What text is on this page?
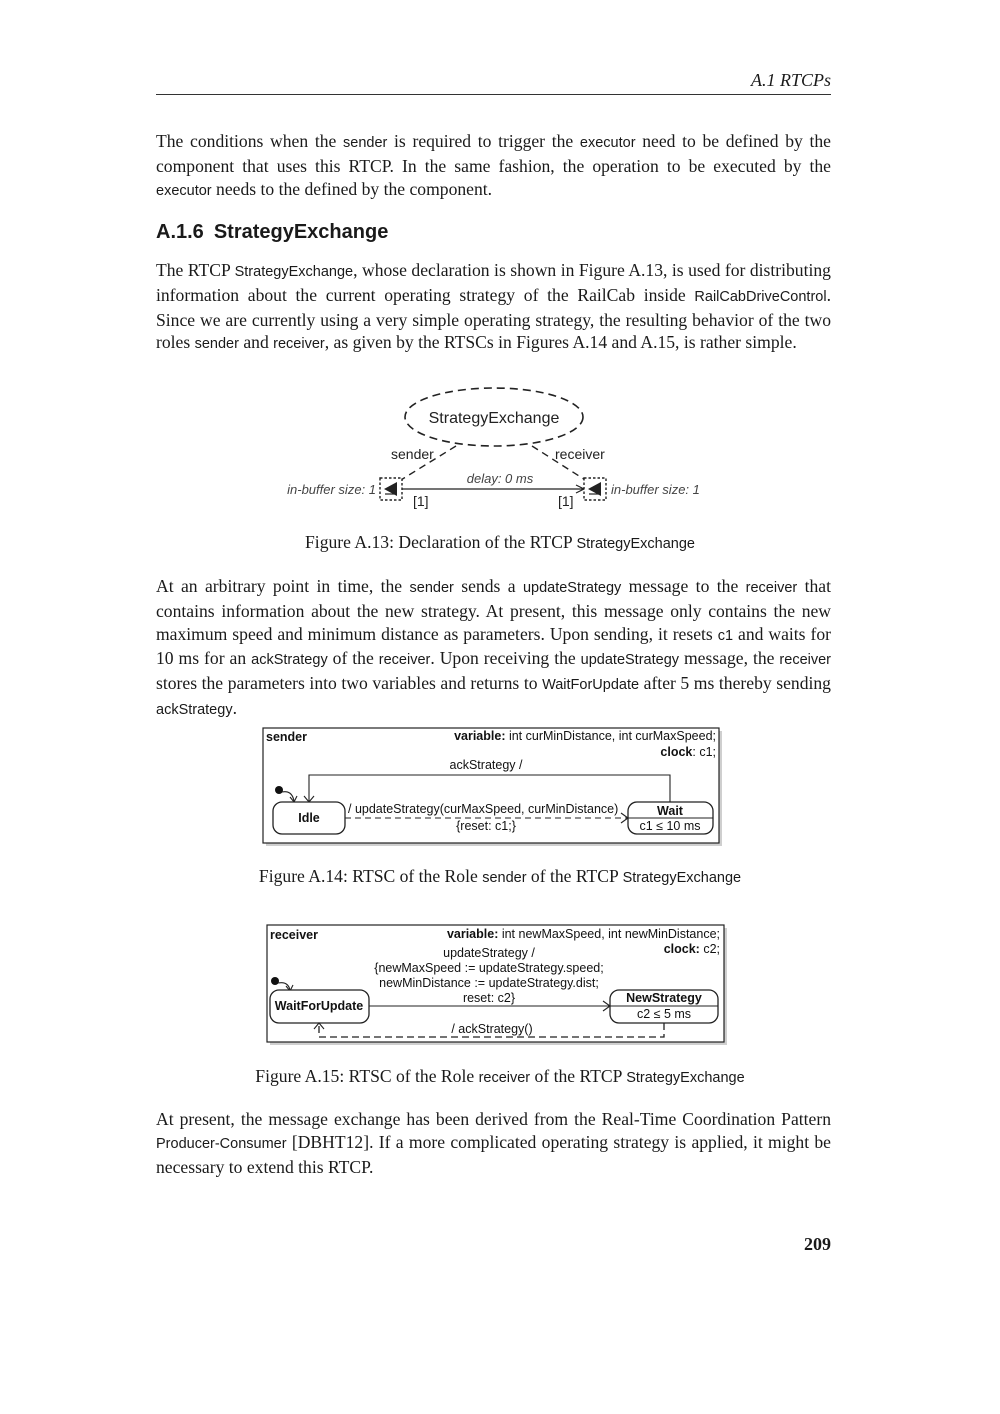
A.1 RTCPs

The conditions when the sender is required to trigger the executor need to be defined by the component that uses this RTCP. In the same fashion, the operation to be executed by the executor needs to the defined by the component.

A.1.6 StrategyExchange

The RTCP StrategyExchange, whose declaration is shown in Figure A.13, is used for distributing information about the current operating strategy of the RailCab inside RailCabDriveControl. Since we are currently using a very simple operating strategy, the resulting behavior of the two roles sender and receiver, as given by the RTSCs in Figures A.14 and A.15, is rather simple.

StrategyExchange
sender	receiver
delay: 0 ms
in-buffer size: 1	in-buffer size: 1
[1]	[1]

Figure A.13: Declaration of the RTCP StrategyExchange

At an arbitrary point in time, the sender sends a updateStrategy message to the receiver that contains information about the new strategy. At present, this message only contains the new maximum speed and minimum distance as parameters. Upon sending, it resets c1 and waits for 10 ms for an ackStrategy of the receiver. Upon receiving the updateStrategy message, the receiver stores the parameters into two variables and returns to WaitForUpdate after 5 ms thereby sending ackStrategy.

sender	variable: int curMinDistance, int curMaxSpeed;
clock: c1;
ackStrategy /
Idle	Wait
c1 ≤ 10 ms
/ updateStrategy(curMaxSpeed, curMinDistance)
{reset: c1;}

Figure A.14: RTSC of the Role sender of the RTCP StrategyExchange

receiver	variable: int newMaxSpeed, int newMinDistance;
clock: c2;
updateStrategy /
{newMaxSpeed := updateStrategy.speed;
newMinDistance := updateStrategy.dist;
reset: c2}
WaitForUpdate
NewStrategy
c2 ≤ 5 ms
/ ackStrategy()

Figure A.15: RTSC of the Role receiver of the RTCP StrategyExchange

At present, the message exchange has been derived from the Real-Time Coordination Pattern Producer-Consumer [DBHT12]. If a more complicated operating strategy is applied, it might be necessary to extend this RTCP.

209
